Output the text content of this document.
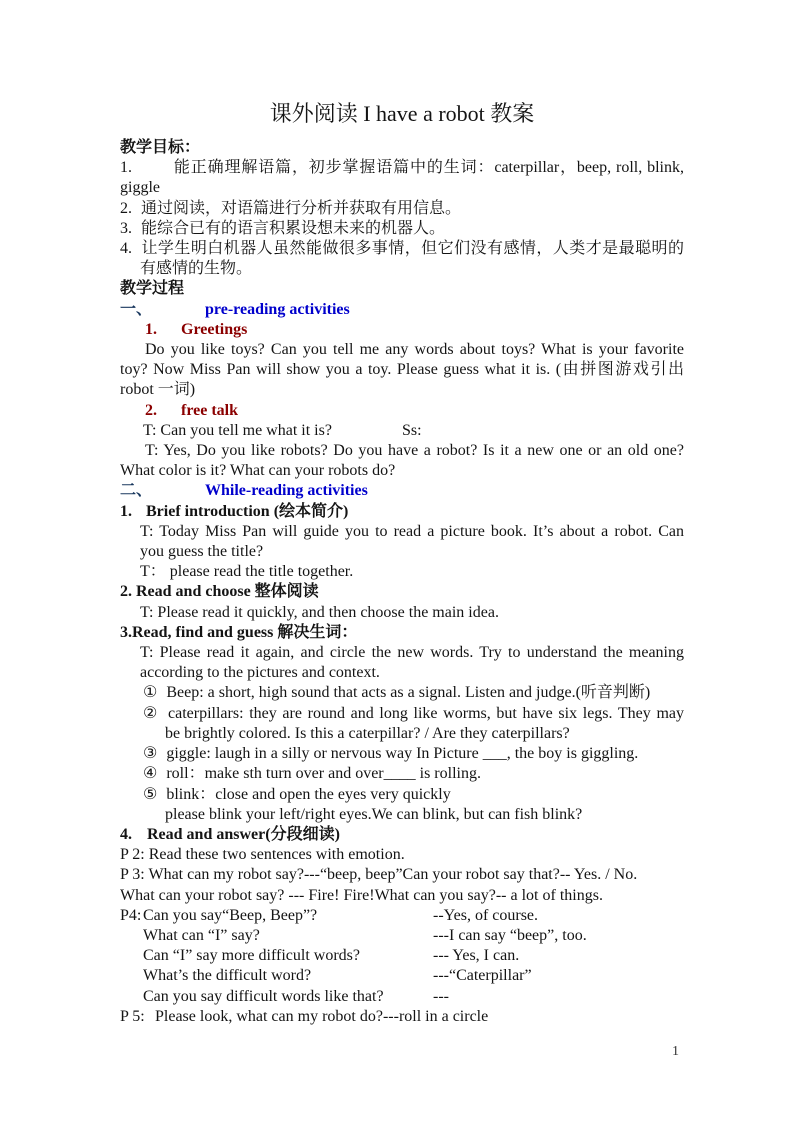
课外阅读 I have a robot 教案
教学目标：
1.	能正确理解语篇，初步掌握语篇中的生词：caterpillar，beep, roll, blink,
giggle
2. 通过阅读，对语篇进行分析并获取有用信息。
3. 能综合已有的语言积累设想未来的机器人。
4. 让学生明白机器人虽然能做很多事情，但它们没有感情，人类才是最聪明的
有感情的生物。
教学过程
一、	pre-reading activities
1. Greetings
Do you like toys? Can you tell me any words about toys? What is your favorite
toy? Now Miss Pan will show you a toy. Please guess what it is. (由拼图游戏引出
robot 一词)
2. free talk
T: Can you tell me what it is?	Ss:
T: Yes, Do you like robots? Do you have a robot? Is it a new one or an old one?
What color is it? What can your robots do?
二、	While-reading activities
1. Brief introduction (绘本简介)
T: Today Miss Pan will guide you to read a picture book. It’s about a robot. Can
you guess the title?
T： please read the title together.
2. Read and choose 整体阅读
T: Please read it quickly, and then choose the main idea.
3.Read, find and guess 解决生词：
T: Please read it again, and circle the new words. Try to understand the meaning
according to the pictures and context.
① Beep: a short, high sound that acts as a signal. Listen and judge.(听音判断)
② caterpillars: they are round and long like worms, but have six legs. They may
be brightly colored. Is this a caterpillar? / Are they caterpillars?
③ giggle: laugh in a silly or nervous way In Picture ___, the boy is giggling.
④ roll：make sth turn over and over____ is rolling.
⑤ blink：close and open the eyes very quickly
please blink your left/right eyes.We can blink, but can fish blink?
4. Read and answer(分段细读)
P 2: Read these two sentences with emotion.
P 3: What can my robot say?---“beep, beep”Can your robot say that?-- Yes. / No.
What can your robot say? --- Fire! Fire!What can you say?-- a lot of things.
P4: Can you say“Beep, Beep”?	--Yes, of course.
What can “I” say?	---I can say “beep”, too.
Can “I” say more difficult words?	--- Yes, I can.
What’s the difficult word?	---“Caterpillar”
Can you say difficult words like that?	---
P 5: Please look, what can my robot do? ---roll in a circle
1
